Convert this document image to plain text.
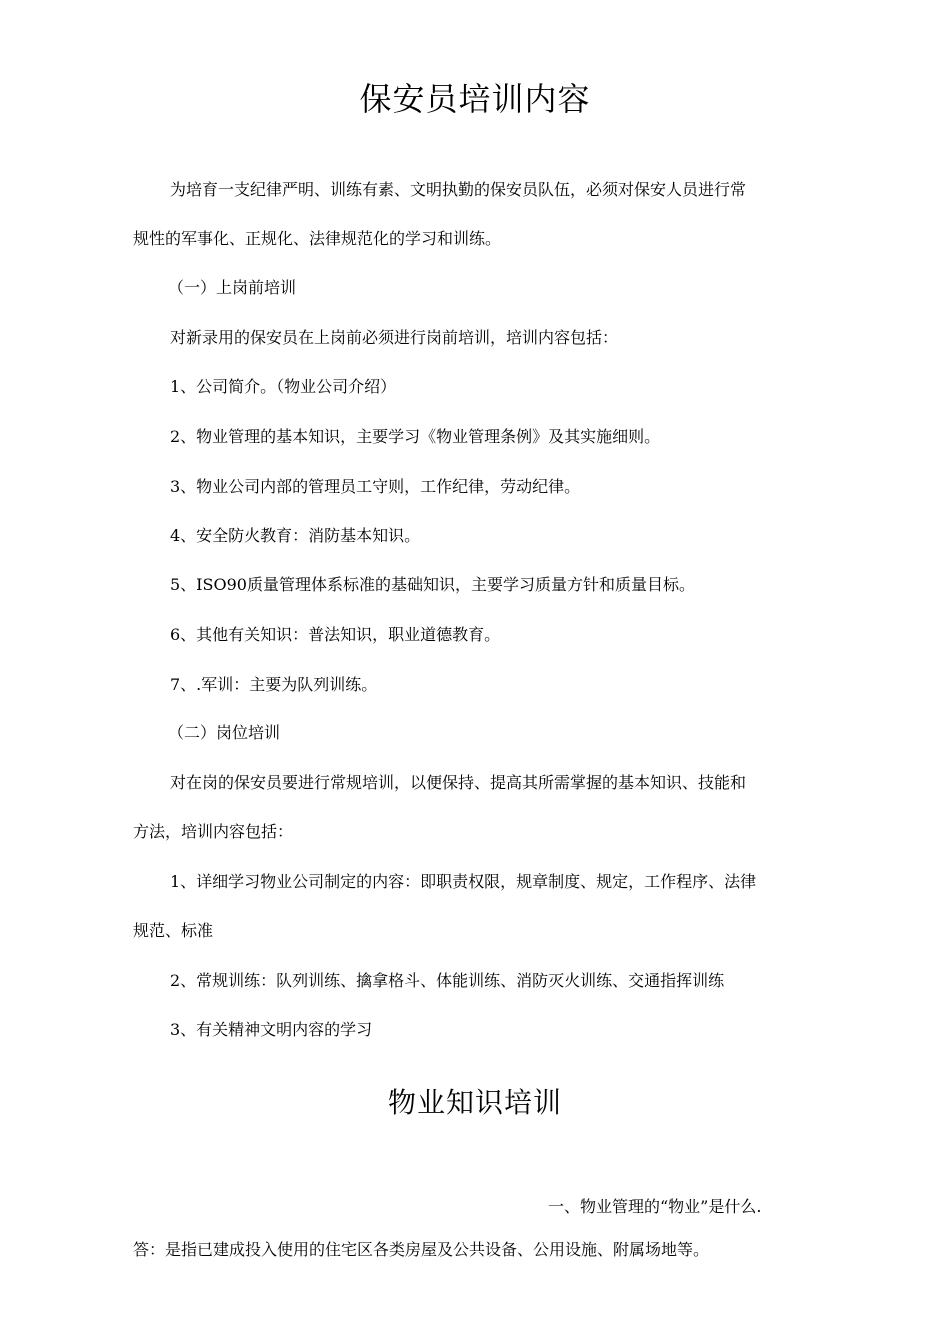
保安员培训内容
为培育一支纪律严明、训练有素、文明执勤的保安员队伍，必须对保安人员进行常
规性的军事化、正规化、法律规范化的学习和训练。
（一）上岗前培训
对新录用的保安员在上岗前必须进行岗前培训，培训内容包括：
1、公司简介。（物业公司介绍）
2、物业管理的基本知识，主要学习《物业管理条例》及其实施细则。
3、物业公司内部的管理员工守则，工作纪律，劳动纪律。
4、安全防火教育：消防基本知识。
5、ISO90质量管理体系标准的基础知识，主要学习质量方针和质量目标。
6、其他有关知识：普法知识，职业道德教育。
7、.军训：主要为队列训练。
（二）岗位培训
对在岗的保安员要进行常规培训，以便保持、提高其所需掌握的基本知识、技能和
方法，培训内容包括：
1、详细学习物业公司制定的内容：即职责权限，规章制度、规定，工作程序、法律
规范、标准
2、常规训练：队列训练、擒拿格斗、体能训练、消防灭火训练、交通指挥训练
3、有关精神文明内容的学习
物业知识培训
一、物业管理的“物业”是什么.
答：是指已建成投入使用的住宅区各类房屋及公共设备、公用设施、附属场地等。
